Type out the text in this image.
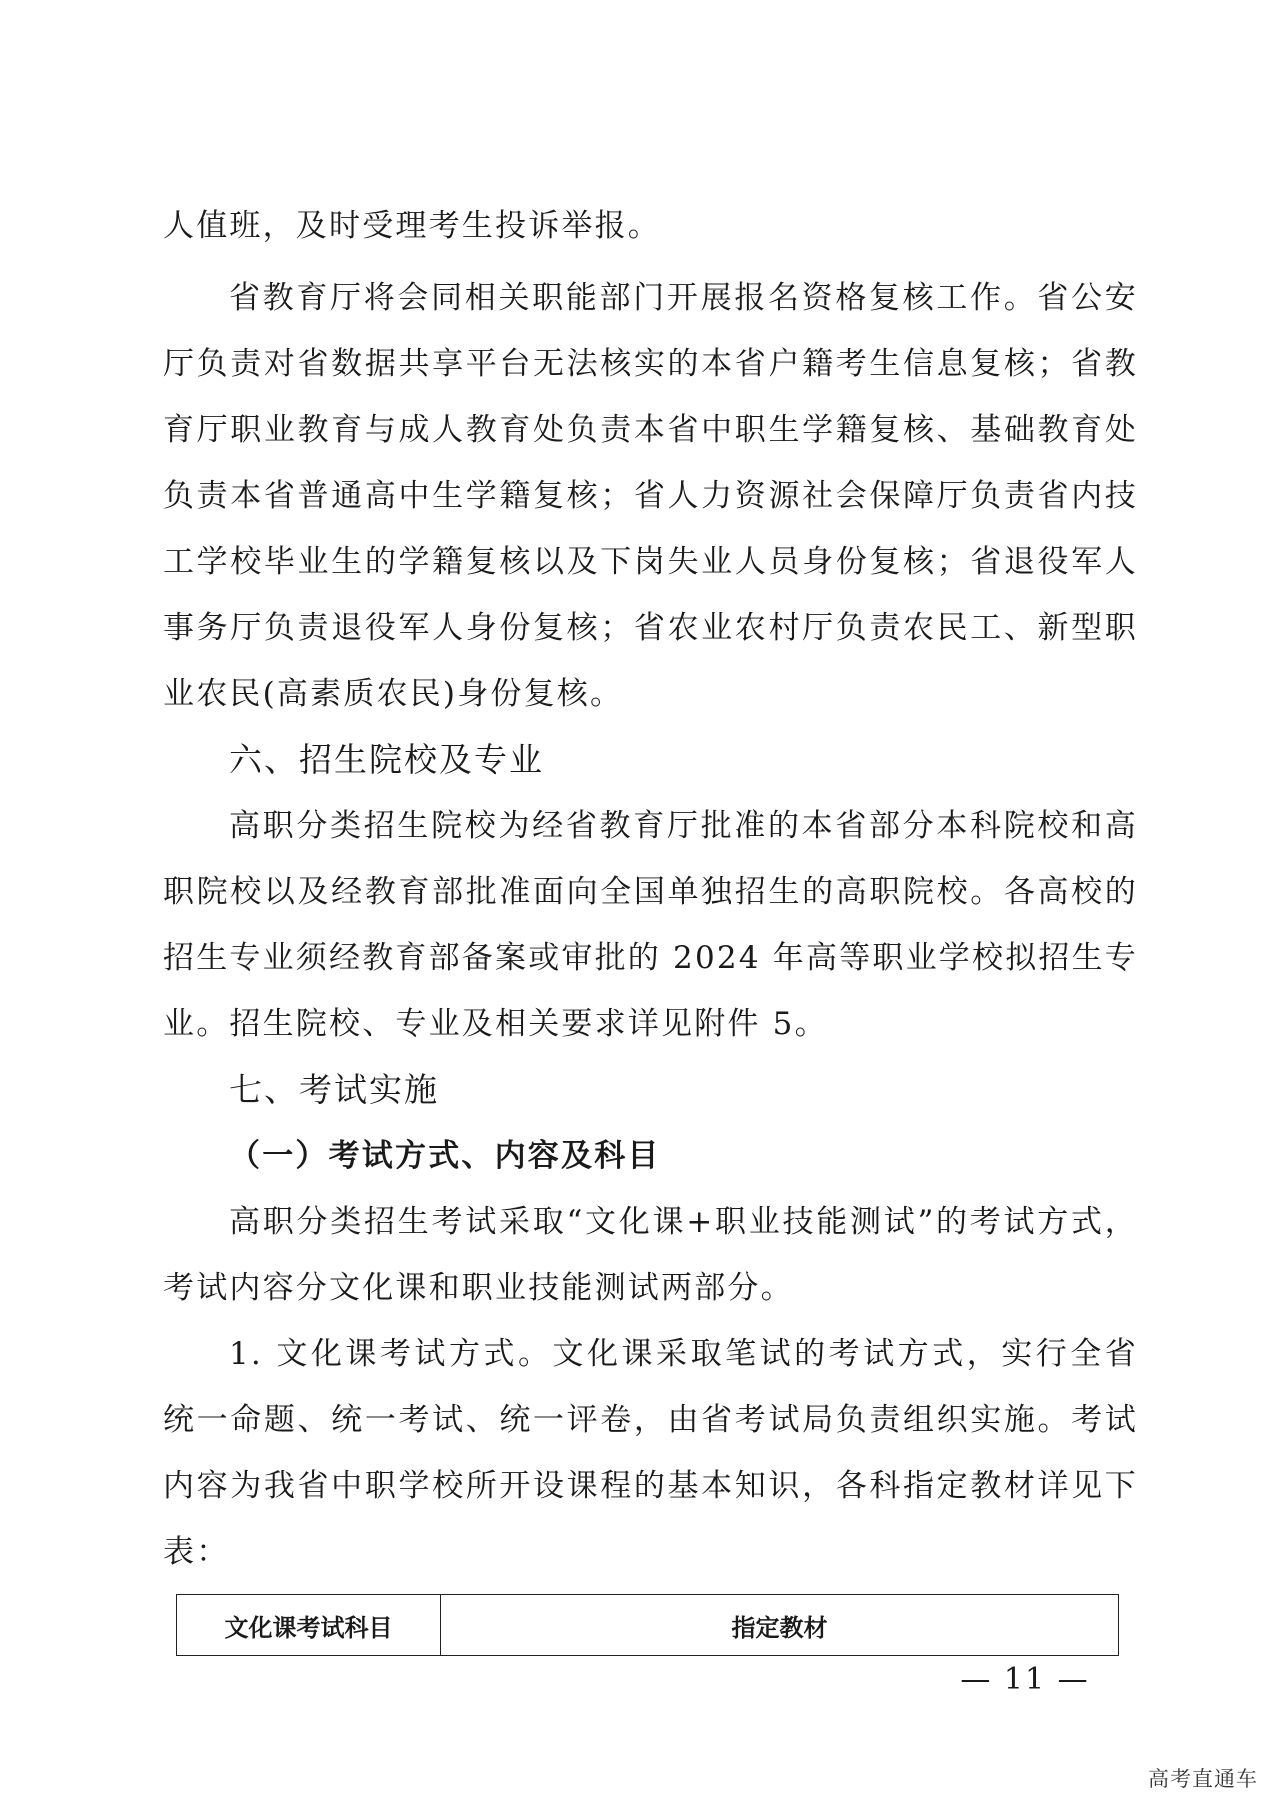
人值班，及时受理考生投诉举报。

省教育厅将会同相关职能部门开展报名资格复核工作。省公安厅负责对省数据共享平台无法核实的本省户籍考生信息复核；省教育厅职业教育与成人教育处负责本省中职生学籍复核、基础教育处负责本省普通高中生学籍复核；省人力资源社会保障厅负责省内技工学校毕业生的学籍复核以及下岗失业人员身份复核；省退役军人事务厅负责退役军人身份复核；省农业农村厅负责农民工、新型职业农民(高素质农民)身份复核。

六、招生院校及专业

高职分类招生院校为经省教育厅批准的本省部分本科院校和高职院校以及经教育部批准面向全国单独招生的高职院校。各高校的招生专业须经教育部备案或审批的 2024 年高等职业学校拟招生专业。招生院校、专业及相关要求详见附件 5。

七、考试实施
（一）考试方式、内容及科目

高职分类招生考试采取“文化课+职业技能测试”的考试方式，考试内容分文化课和职业技能测试两部分。

1. 文化课考试方式。文化课采取笔试的考试方式，实行全省统一命题、统一考试、统一评卷，由省考试局负责组织实施。考试内容为我省中职学校所开设课程的基本知识，各科指定教材详见下表：

文化课考试科目	指定教材
— 11 —
高考直通车
